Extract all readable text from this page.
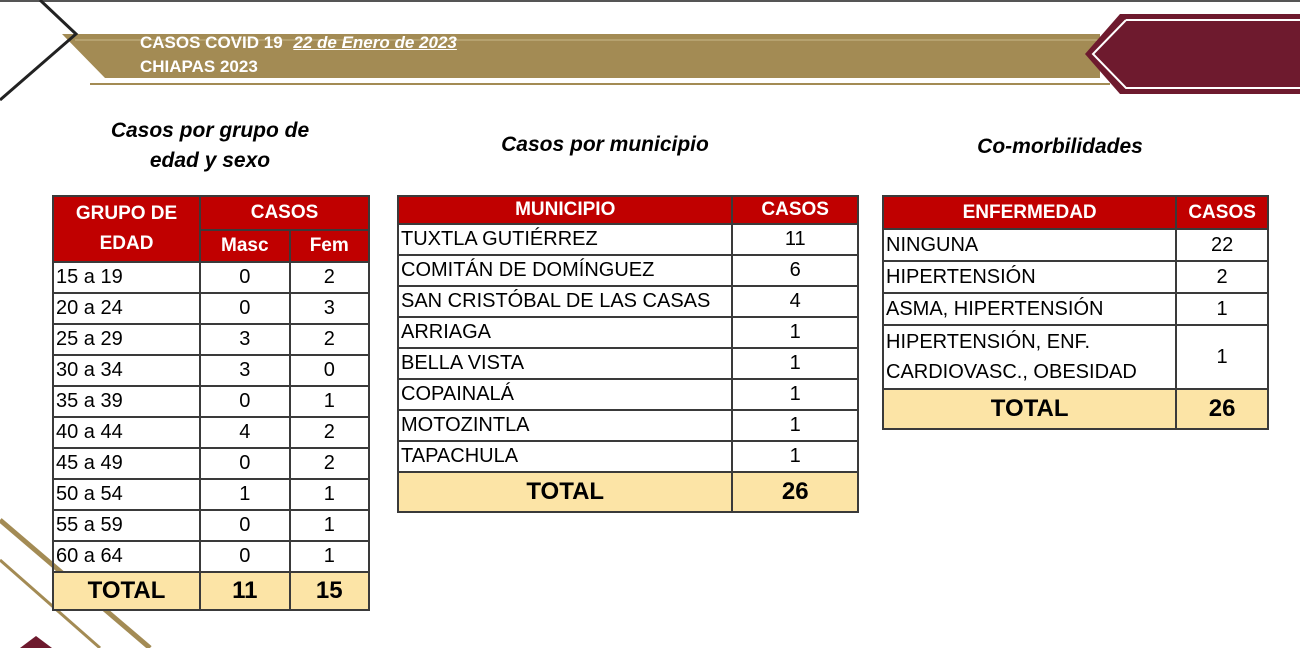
CASOS COVID 19 22 de Enero de 2023
CHIAPAS 2023
Casos por grupo de
edad y sexo
GRUPO DE EDAD	CASOS	
	Masc	Fem
15 a 19	0	2
20 a 24	0	3
25 a 29	3	2
30 a 34	3	0
35 a 39	0	1
40 a 44	4	2
45 a 49	0	2
50 a 54	1	1
55 a 59	0	1
60 a 64	0	1
TOTAL	11	15
Casos por municipio
MUNICIPIO	CASOS
TUXTLA GUTIÉRREZ	11
COMITÁN DE DOMÍNGUEZ	6
SAN CRISTÓBAL DE LAS CASAS	4
ARRIAGA	1
BELLA VISTA	1
COPAINALÁ	1
MOTOZINTLA	1
TAPACHULA	1
TOTAL	26
Co-morbilidades
ENFERMEDAD	CASOS
NINGUNA	22
HIPERTENSIÓN	2
ASMA, HIPERTENSIÓN	1
HIPERTENSIÓN, ENF. CARDIOVASC., OBESIDAD	1
TOTAL	26
